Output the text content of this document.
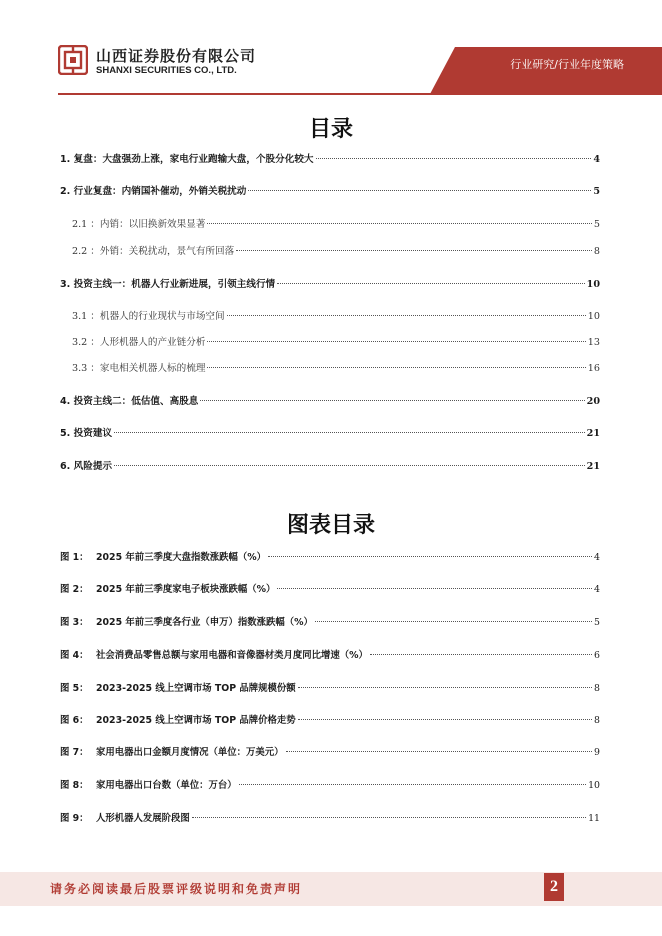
山西证券股份有限公司
SHANXI SECURITIES CO., LTD.	行业研究/行业年度策略
目录
1. 复盘：大盘强劲上涨，家电行业跑输大盘，个股分化较大	4
2. 行业复盘：内销国补催动，外销关税扰动	5
2.1 ：内销：以旧换新效果显著	5
2.2 ：外销：关税扰动，景气有所回落	8
3. 投资主线一：机器人行业新进展，引领主线行情	10
3.1 ：机器人的行业现状与市场空间	10
3.2 ：人形机器人的产业链分析	13
3.3 ：家电相关机器人标的梳理	16
4. 投资主线二：低估值、高股息	20
5. 投资建议	21
6. 风险提示	21
图表目录
图 1： 2025 年前三季度大盘指数涨跌幅（%）	4
图 2： 2025 年前三季度家电子板块涨跌幅（%）	4
图 3： 2025 年前三季度各行业（申万）指数涨跌幅（%）	5
图 4： 社会消费品零售总额与家用电器和音像器材类月度同比增速（%）	6
图 5： 2023-2025 线上空调市场 TOP 品牌规模份额	8
图 6： 2023-2025 线上空调市场 TOP 品牌价格走势	8
图 7： 家用电器出口金额月度情况（单位：万美元）	9
图 8： 家用电器出口台数（单位：万台）	10
图 9： 人形机器人发展阶段图	11
请务必阅读最后股票评级说明和免责声明	2
